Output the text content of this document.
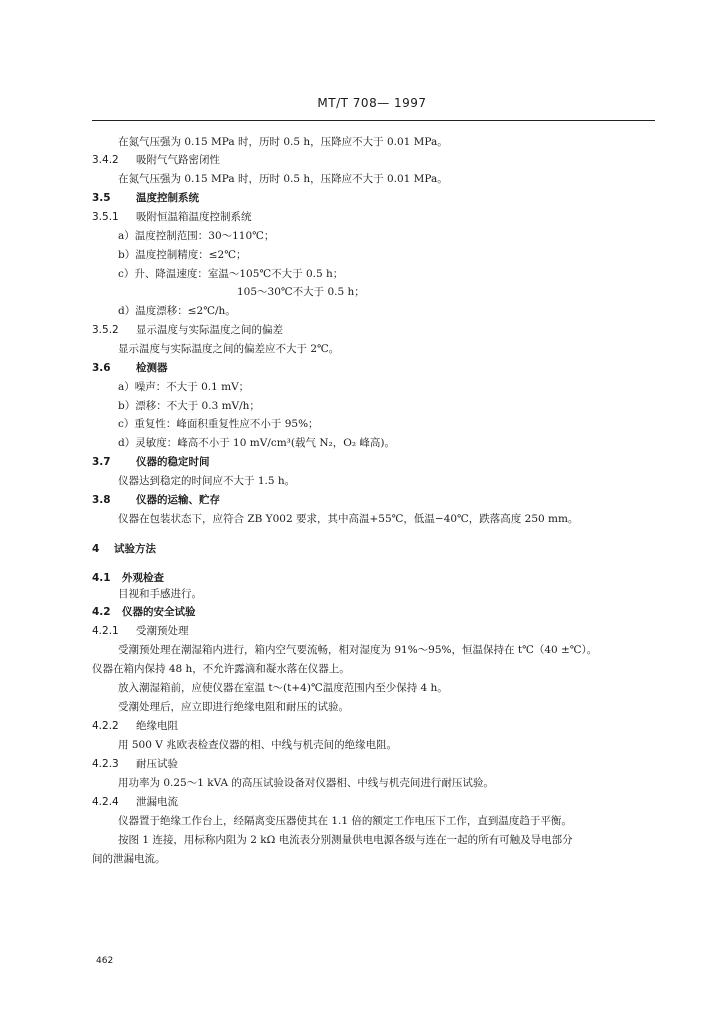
MT/T 708— 1997
在氮气压强为 0.15 MPa 时，历时 0.5 h，压降应不大于 0.01 MPa。
3.4.2 吸附气气路密闭性
在氮气压强为 0.15 MPa 时，历时 0.5 h，压降应不大于 0.01 MPa。
3.5 温度控制系统
3.5.1 吸附恒温箱温度控制系统
a）温度控制范围：30～110℃；
b）温度控制精度：≤2℃；
c）升、降温速度：室温～105℃不大于 0.5 h；
105～30℃不大于 0.5 h；
d）温度漂移：≤2℃/h。
3.5.2 显示温度与实际温度之间的偏差
显示温度与实际温度之间的偏差应不大于 2℃。
3.6 检测器
a）噪声：不大于 0.1 mV；
b）漂移：不大于 0.3 mV/h；
c）重复性：峰面积重复性应不小于 95%；
d）灵敏度：峰高不小于 10 mV/cm³(载气 N₂，O₂ 峰高)。
3.7 仪器的稳定时间
仪器达到稳定的时间应不大于 1.5 h。
3.8 仪器的运输、贮存
仪器在包装状态下，应符合 ZB Y002 要求，其中高温+55℃，低温−40℃，跌落高度 250 mm。
4 试验方法
4.1 外观检查
目视和手感进行。
4.2 仪器的安全试验
4.2.1 受潮预处理
受潮预处理在潮湿箱内进行，箱内空气要流畅，相对湿度为 91%～95%，恒温保持在 t℃（40 ±℃）。
仪器在箱内保持 48 h，不允许露滴和凝水落在仪器上。
放入潮湿箱前，应使仪器在室温 t～(t+4)℃温度范围内至少保持 4 h。
受潮处理后，应立即进行绝缘电阻和耐压的试验。
4.2.2 绝缘电阻
用 500 V 兆欧表检查仪器的相、中线与机壳间的绝缘电阻。
4.2.3 耐压试验
用功率为 0.25～1 kVA 的高压试验设备对仪器相、中线与机壳间进行耐压试验。
4.2.4 泄漏电流
仪器置于绝缘工作台上，经隔离变压器使其在 1.1 倍的额定工作电压下工作，直到温度趋于平衡。
按图 1 连接，用标称内阻为 2 kΩ 电流表分别测量供电电源各级与连在一起的所有可触及导电部分
间的泄漏电流。
462
